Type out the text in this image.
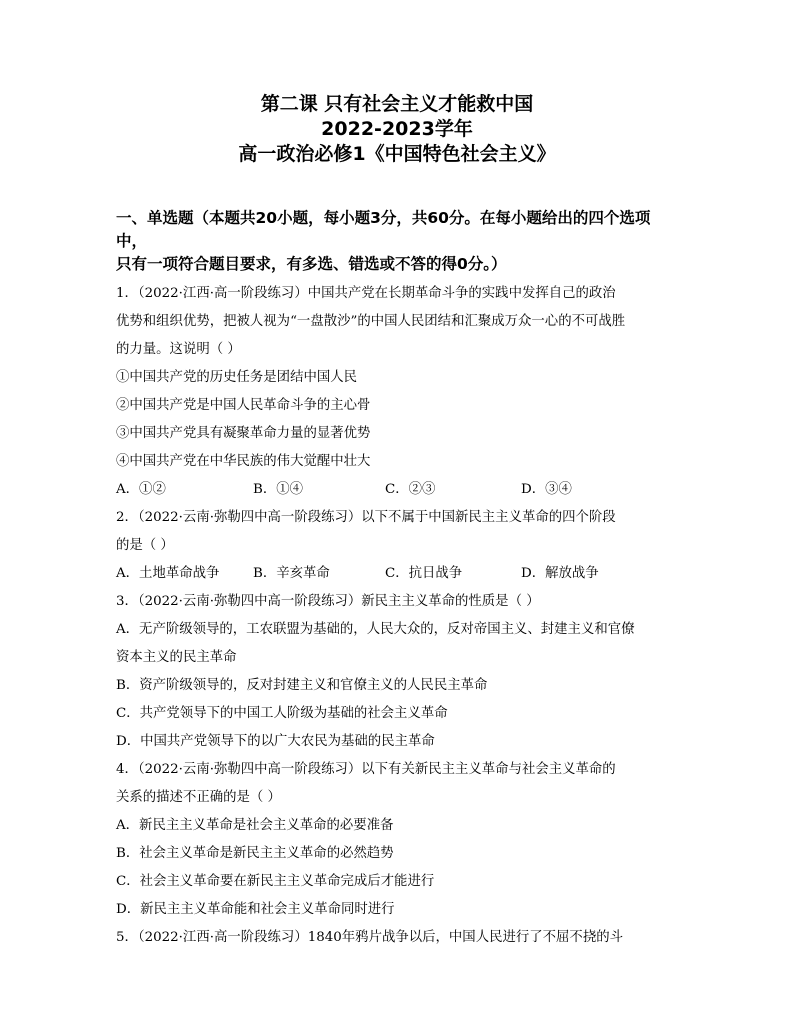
第二课 只有社会主义才能救中国
2022-2023学年
高一政治必修1《中国特色社会主义》
一、单选题（本题共20小题，每小题3分，共60分。在每小题给出的四个选项中，
只有一项符合题目要求，有多选、错选或不答的得0分。）
1．（2022·江西·高一阶段练习）中国共产党在长期革命斗争的实践中发挥自己的政治
优势和组织优势，把被人视为“一盘散沙”的中国人民团结和汇聚成万众一心的不可战胜
的力量。这说明（ ）
①中国共产党的历史任务是团结中国人民
②中国共产党是中国人民革命斗争的主心骨
③中国共产党具有凝聚革命力量的显著优势
④中国共产党在中华民族的伟大觉醒中壮大
A．①②	B．①④	C．②③	D．③④
2．（2022·云南·弥勒四中高一阶段练习）以下不属于中国新民主主义革命的四个阶段
的是（ ）
A．土地革命战争	B．辛亥革命	C．抗日战争	D．解放战争
3．（2022·云南·弥勒四中高一阶段练习）新民主主义革命的性质是（ ）
A．无产阶级领导的，工农联盟为基础的，人民大众的，反对帝国主义、封建主义和官僚
资本主义的民主革命
B．资产阶级领导的，反对封建主义和官僚主义的人民民主革命
C．共产党领导下的中国工人阶级为基础的社会主义革命
D．中国共产党领导下的以广大农民为基础的民主革命
4．（2022·云南·弥勒四中高一阶段练习）以下有关新民主主义革命与社会主义革命的
关系的描述不正确的是（ ）
A．新民主主义革命是社会主义革命的必要准备
B．社会主义革命是新民主主义革命的必然趋势
C．社会主义革命要在新民主主义革命完成后才能进行
D．新民主主义革命能和社会主义革命同时进行
5．（2022·江西·高一阶段练习）1840年鸦片战争以后，中国人民进行了不屈不挠的斗
